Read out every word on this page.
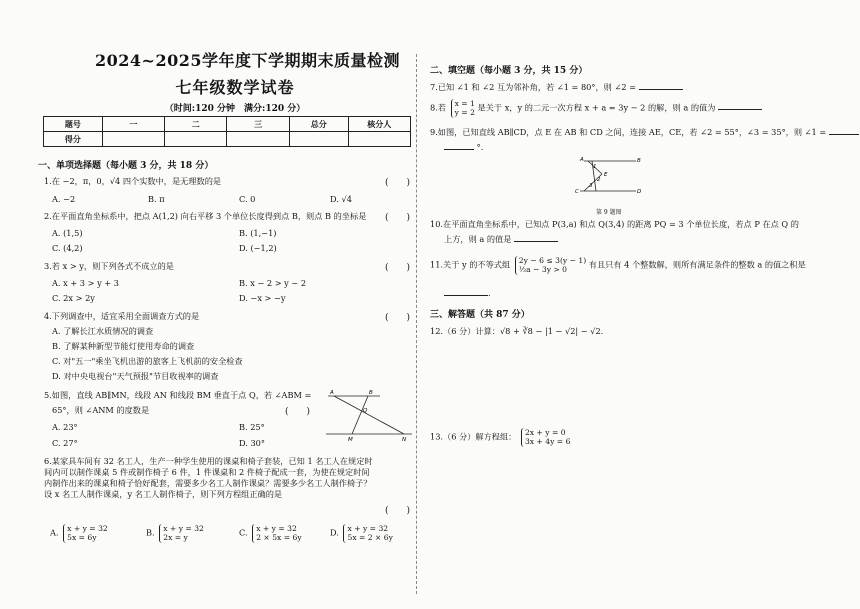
2024~2025学年度下学期期末质量检测
七年级数学试卷
（时间:120 分钟　满分:120 分）
题号	一	二	三	总分	核分人
得分					
一、单项选择题（每小题 3 分，共 18 分）
1.在 −2，π，0，√4 四个实数中，是无理数的是	(　　)
A. −2	B. π	C. 0	D. √4
2.在平面直角坐标系中，把点 A(1,2) 向右平移 3 个单位长度得到点 B，则点 B 的坐标是 (　　)
A. (1,5)	B. (1,−1)
C. (4,2)	D. (−1,2)
3.若 x > y，则下列各式不成立的是	(　　)
A. x + 3 > y + 3	B. x − 2 > y − 2
C. 2x > 2y	D. −x > −y
4.下列调查中，适宜采用全面调查方式的是	(　　)
A. 了解长江水质情况的调查
B. 了解某种新型节能灯使用寿命的调查
C. 对"五一"乘坐飞机出游的旅客上飞机前的安全检查
D. 对中央电视台"天气预报"节目收视率的调查
5.如图，直线 AB∥MN，线段 AN 和线段 BM 垂直于点 Q，若 ∠ABM =
65°，则 ∠ANM 的度数是	(　　)
A. 23°	B. 25°
C. 27°	D. 30°
A	B
Q
M	N
6.某家具车间有 32 名工人，生产一种学生使用的课桌和椅子套装，已知 1 名工人在规定时间内可以制作课桌 5 件或制作椅子 6 件，1 件课桌和 2 件椅子配成一套，为使在规定时间内制作出来的课桌和椅子恰好配套，需要多少名工人制作课桌？需要多少名工人制作椅子？设 x 名工人制作课桌，y 名工人制作椅子，则下列方程组正确的是
(　　)
A. x + y = 32
5x = 6y
B. x + y = 32
2x = y
C. x + y = 32
2 × 5x = 6y
D. x + y = 32
5x = 2 × 6y
二、填空题（每小题 3 分，共 15 分）
7.已知 ∠1 和 ∠2 互为邻补角，若 ∠1 = 80°，则 ∠2 =
8.若 x = 1
y = 2 是关于 x，y 的二元一次方程 x + a = 3y − 2 的解，则 a 的值为
9.如图，已知直线 AB∥CD，点 E 在 AB 和 CD 之间，连接 AE，CE，若 ∠2 = 55°，∠3 = 35°，则 ∠1 =
°.
A	B
C	D
E
1
2
3
第 9 题图
10.在平面直角坐标系中，已知点 P(3,a) 和点 Q(3,4) 的距离 PQ = 3 个单位长度，若点 P 在点 Q 的
上方，则 a 的值是
11.关于 y 的不等式组 2y − 6 ≤ 3(y − 1)
½a − 3y > 0 有且只有 4 个整数解，则所有满足条件的整数 a 的值之积是
.
三、解答题（共 87 分）
12.（6 分）计算：√8 + ∛8 − |1 − √2| − √2.
13.（6 分）解方程组： 2x + y = 0
3x + 4y = 6
